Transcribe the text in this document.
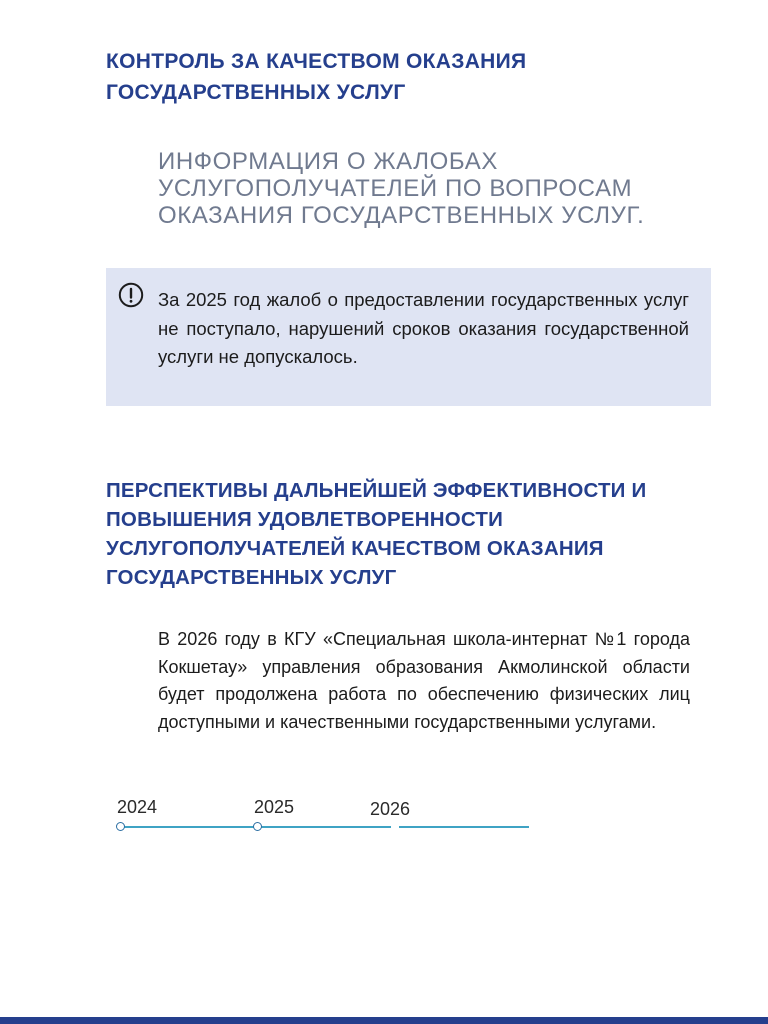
КОНТРОЛЬ ЗА КАЧЕСТВОМ ОКАЗАНИЯ
ГОСУДАРСТВЕННЫХ УСЛУГ
ИНФОРМАЦИЯ О ЖАЛОБАХ
УСЛУГОПОЛУЧАТЕЛЕЙ ПО ВОПРОСАМ
ОКАЗАНИЯ ГОСУДАРСТВЕННЫХ УСЛУГ.

За 2025 год жалоб о предоставлении государственных услуг не поступало, нарушений сроков оказания государственной услуги не допускалось.

ПЕРСПЕКТИВЫ ДАЛЬНЕЙШЕЙ ЭФФЕКТИВНОСТИ И
ПОВЫШЕНИЯ УДОВЛЕТВОРЕННОСТИ
УСЛУГОПОЛУЧАТЕЛЕЙ КАЧЕСТВОМ ОКАЗАНИЯ
ГОСУДАРСТВЕННЫХ УСЛУГ

В 2026 году в КГУ «Специальная школа-интернат №1 города Кокшетау» управления образования Акмолинской области будет продолжена работа по обеспечению физических лиц доступными и качественными государственными услугами.

2024	2025	2026
